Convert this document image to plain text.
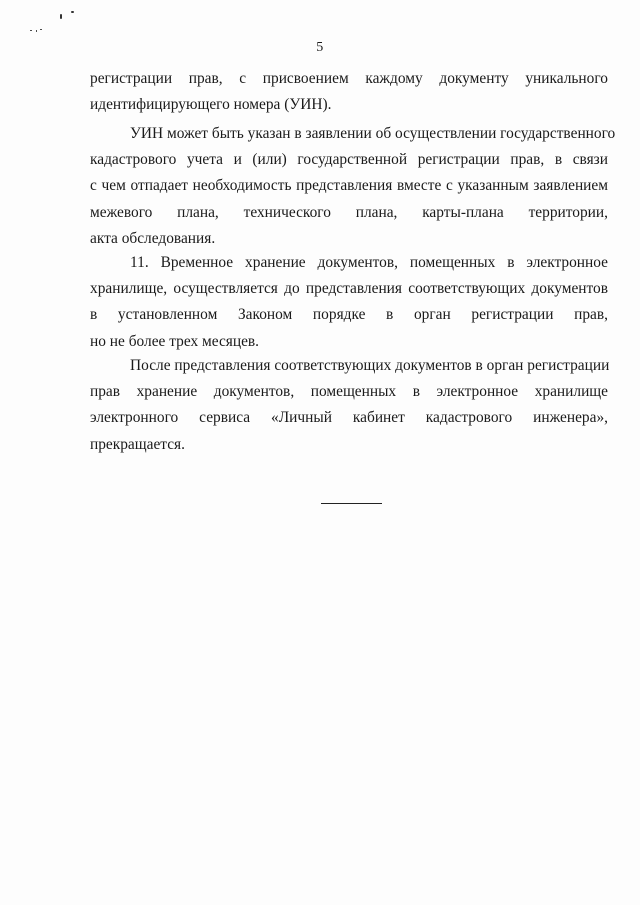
5
регистрации прав, с присвоением каждому документу уникального
идентифицирующего номера (УИН).
УИН может быть указан в заявлении об осуществлении государственного
кадастрового учета и (или) государственной регистрации прав, в связи
с чем отпадает необходимость представления вместе с указанным заявлением
межевого плана, технического плана, карты-плана территории,
акта обследования.
11. Временное хранение документов, помещенных в электронное
хранилище, осуществляется до представления соответствующих документов
в установленном Законом порядке в орган регистрации прав,
но не более трех месяцев.
После представления соответствующих документов в орган регистрации
прав хранение документов, помещенных в электронное хранилище
электронного сервиса «Личный кабинет кадастрового инженера»,
прекращается.
